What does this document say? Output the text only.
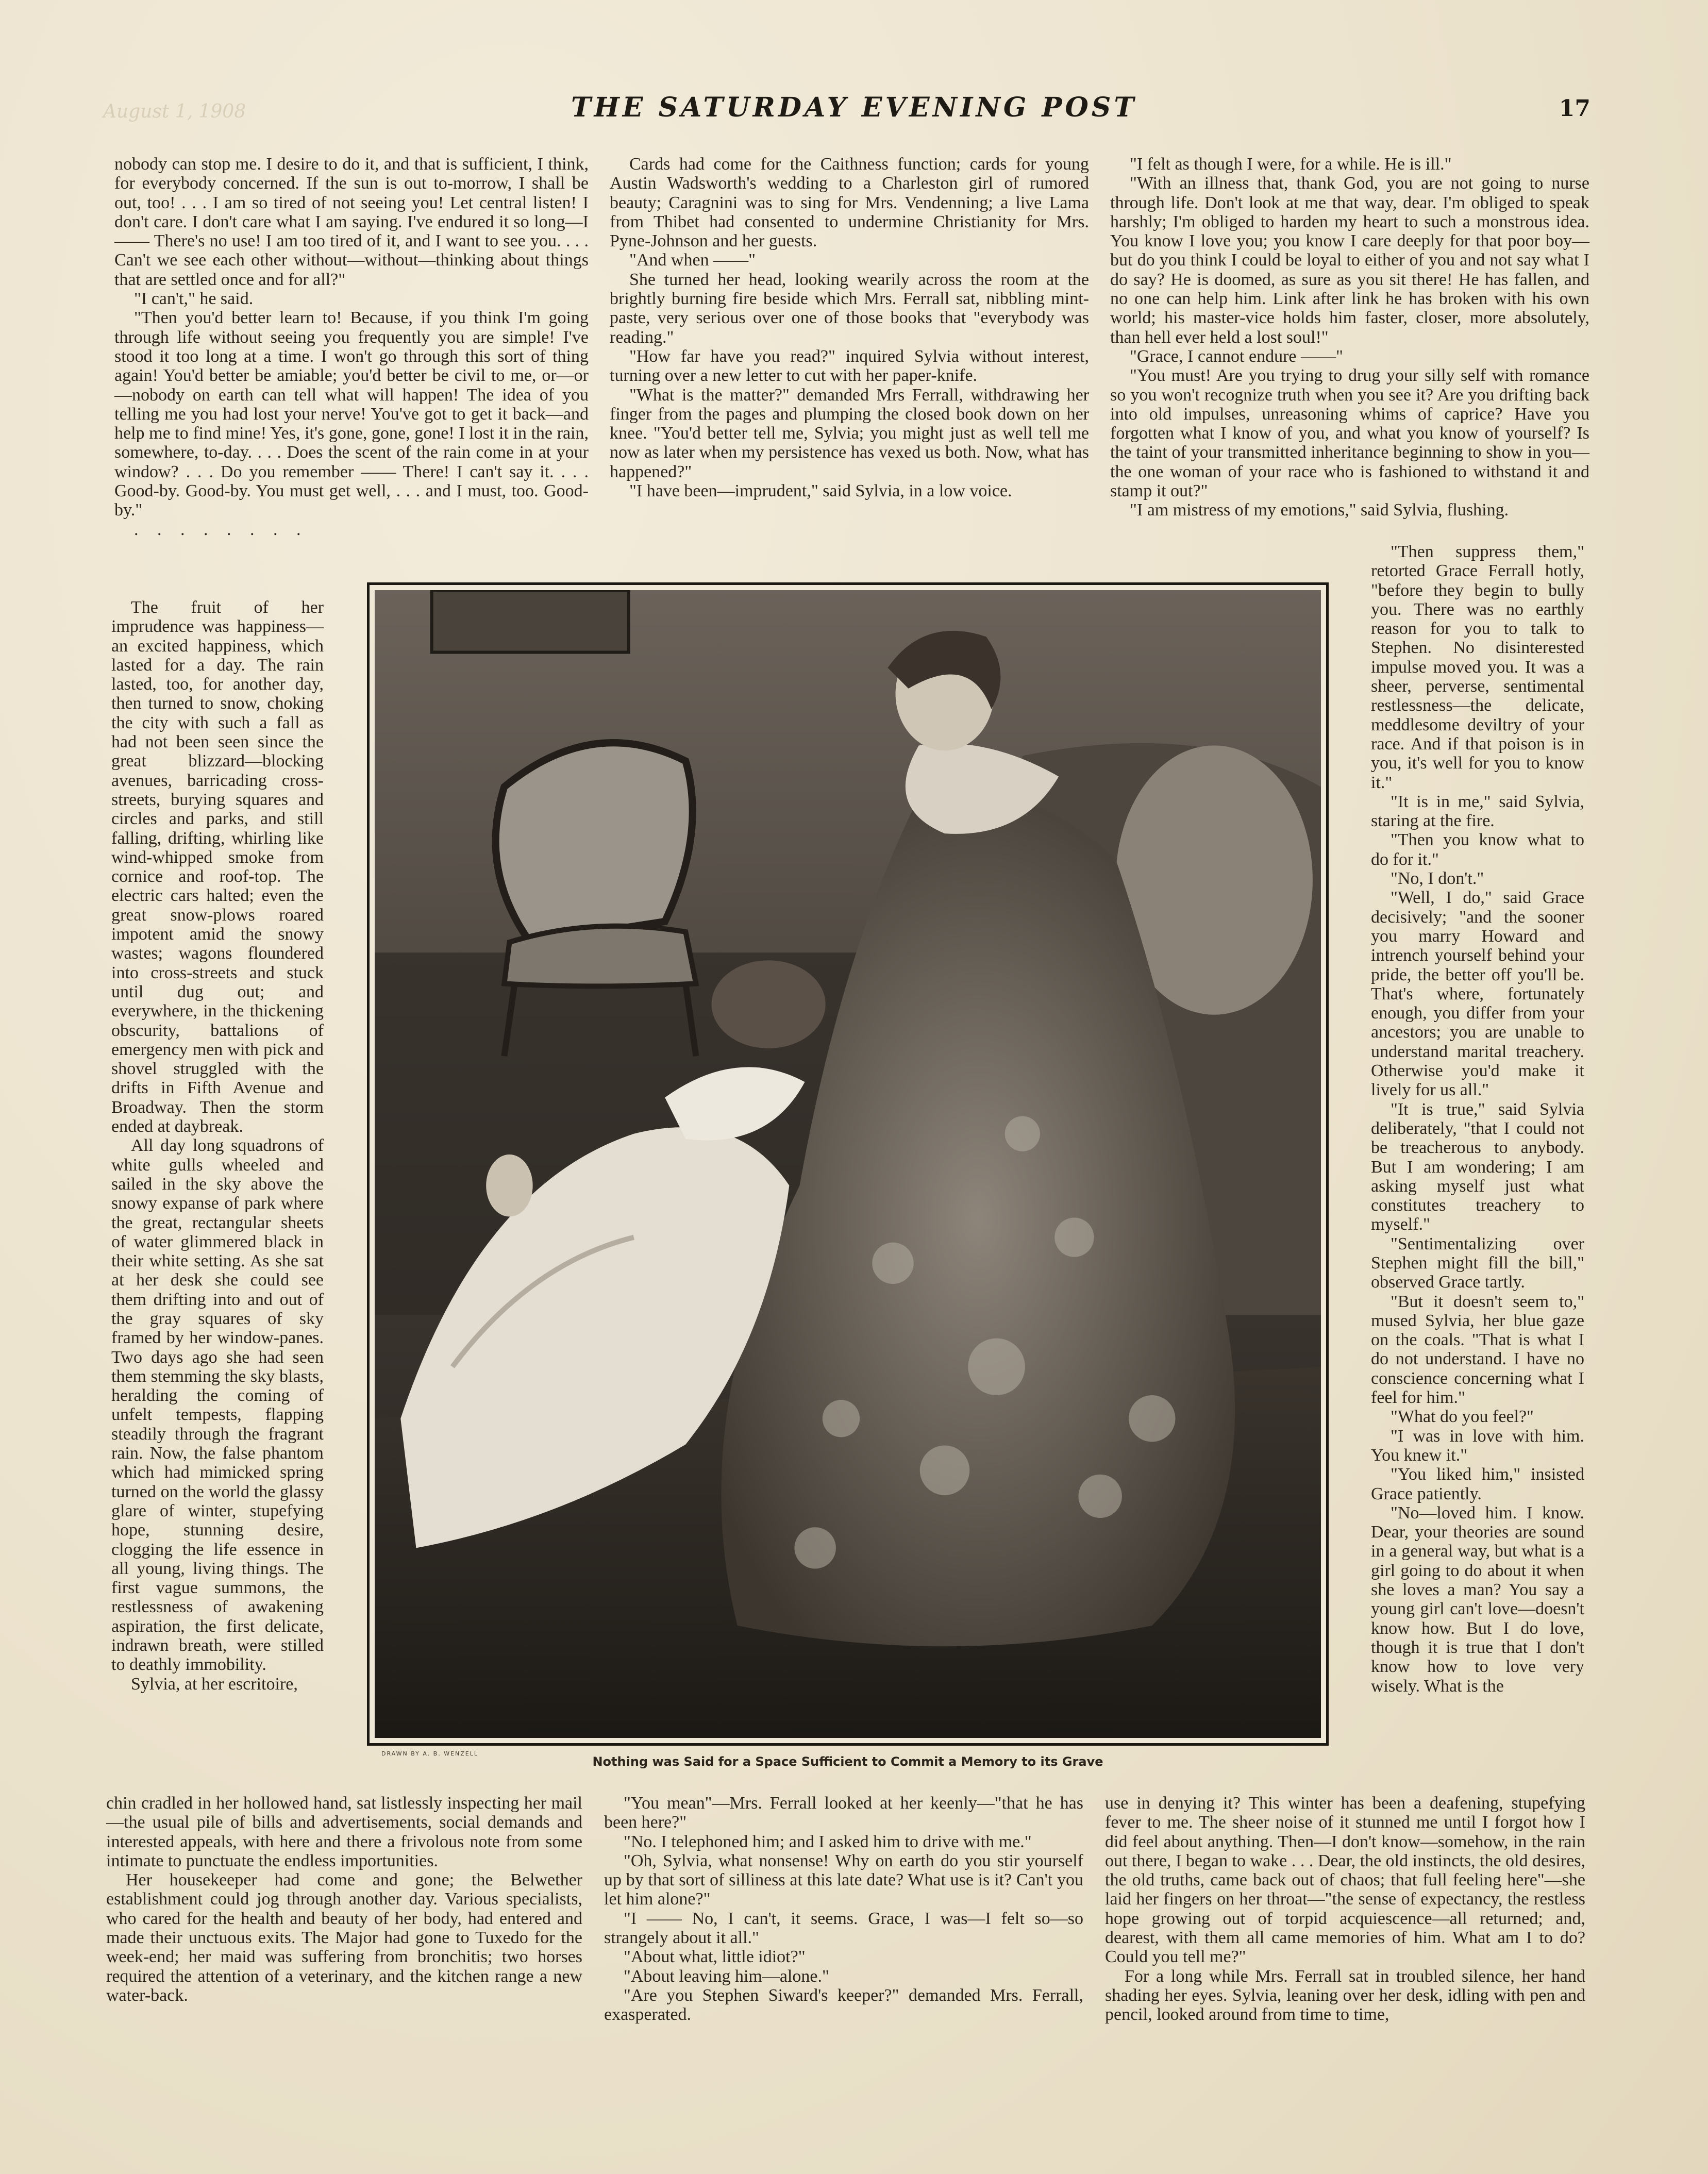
August 1, 1908	THE SATURDAY EVENING POST	17

nobody can stop me. I desire to do it, and that is sufficient, I think, for everybody concerned. If the sun is out to-morrow, I shall be out, too! . . . I am so tired of not seeing you! Let central listen! I don't care. I don't care what I am saying. I've endured it so long—I—— There's no use! I am too tired of it, and I want to see you. . . . Can't we see each other without—without—thinking about things that are settled once and for all?"

"I can't," he said.

"Then you'd better learn to! Because, if you think I'm going through life without seeing you frequently you are simple! I've stood it too long at a time. I won't go through this sort of thing again! You'd better be amiable; you'd better be civil to me, or—or—nobody on earth can tell what will happen! The idea of you telling me you had lost your nerve! You've got to get it back—and help me to find mine! Yes, it's gone, gone, gone! I lost it in the rain, somewhere, to-day. . . . Does the scent of the rain come in at your window? . . . Do you remember —— There! I can't say it. . . . Good-by. Good-by. You must get well, . . . and I must, too. Good-by."

. . . . . . . .

Cards had come for the Caithness function; cards for young Austin Wadsworth's wedding to a Charleston girl of rumored beauty; Caragnini was to sing for Mrs. Vendenning; a live Lama from Thibet had consented to undermine Christianity for Mrs. Pyne-Johnson and her guests.

"And when ——"

She turned her head, looking wearily across the room at the brightly burning fire beside which Mrs. Ferrall sat, nibbling mint-paste, very serious over one of those books that "everybody was reading."

"How far have you read?" inquired Sylvia without interest, turning over a new letter to cut with her paper-knife.

"What is the matter?" demanded Mrs Ferrall, withdrawing her finger from the pages and plumping the closed book down on her knee. "You'd better tell me, Sylvia; you might just as well tell me now as later when my persistence has vexed us both. Now, what has happened?"

"I have been—imprudent," said Sylvia, in a low voice.

"I felt as though I were, for a while. He is ill."

"With an illness that, thank God, you are not going to nurse through life. Don't look at me that way, dear. I'm obliged to speak harshly; I'm obliged to harden my heart to such a monstrous idea. You know I love you; you know I care deeply for that poor boy—but do you think I could be loyal to either of you and not say what I do say? He is doomed, as sure as you sit there! He has fallen, and no one can help him. Link after link he has broken with his own world; his master-vice holds him faster, closer, more absolutely, than hell ever held a lost soul!"

"Grace, I cannot endure ——"

"You must! Are you trying to drug your silly self with romance so you won't recognize truth when you see it? Are you drifting back into old impulses, unreasoning whims of caprice? Have you forgotten what I know of you, and what you know of yourself? Is the taint of your transmitted inheritance beginning to show in you—the one woman of your race who is fashioned to withstand it and stamp it out?"

"I am mistress of my emotions," said Sylvia, flushing.

The fruit of her imprudence was happiness—an excited happiness, which lasted for a day. The rain lasted, too, for another day, then turned to snow, choking the city with such a fall as had not been seen since the great blizzard—blocking avenues, barricading cross-streets, burying squares and circles and parks, and still falling, drifting, whirling like wind-whipped smoke from cornice and roof-top. The electric cars halted; even the great snow-plows roared impotent amid the snowy wastes; wagons floundered into cross-streets and stuck until dug out; and everywhere, in the thickening obscurity, battalions of emergency men with pick and shovel struggled with the drifts in Fifth Avenue and Broadway. Then the storm ended at daybreak.

All day long squadrons of white gulls wheeled and sailed in the sky above the snowy expanse of park where the great, rectangular sheets of water glimmered black in their white setting. As she sat at her desk she could see them drifting into and out of the gray squares of sky framed by her window-panes. Two days ago she had seen them stemming the sky blasts, heralding the coming of unfelt tempests, flapping steadily through the fragrant rain. Now, the false phantom which had mimicked spring turned on the world the glassy glare of winter, stupefying hope, stunning desire, clogging the life essence in all young, living things. The first vague summons, the restlessness of awakening aspiration, the first delicate, indrawn breath, were stilled to deathly immobility.

Sylvia, at her escritoire,

"Then suppress them," retorted Grace Ferrall hotly, "before they begin to bully you. There was no earthly reason for you to talk to Stephen. No disinterested impulse moved you. It was a sheer, perverse, sentimental restlessness—the delicate, meddlesome deviltry of your race. And if that poison is in you, it's well for you to know it."

"It is in me," said Sylvia, staring at the fire.

"Then you know what to do for it."

"No, I don't."

"Well, I do," said Grace decisively; "and the sooner you marry Howard and intrench yourself behind your pride, the better off you'll be. That's where, fortunately enough, you differ from your ancestors; you are unable to understand marital treachery. Otherwise you'd make it lively for us all."

"It is true," said Sylvia deliberately, "that I could not be treacherous to anybody. But I am wondering; I am asking myself just what constitutes treachery to myself."

"Sentimentalizing over Stephen might fill the bill," observed Grace tartly.

"But it doesn't seem to," mused Sylvia, her blue gaze on the coals. "That is what I do not understand. I have no conscience concerning what I feel for him."

"What do you feel?"

"I was in love with him. You knew it."

"You liked him," insisted Grace patiently.

"No—loved him. I know. Dear, your theories are sound in a general way, but what is a girl going to do about it when she loves a man? You say a young girl can't love—doesn't know how. But I do love, though it is true that I don't know how to love very wisely. What is the

DRAWN BY A. B. WENZELL
Nothing was Said for a Space Sufficient to Commit a Memory to its Grave

chin cradled in her hollowed hand, sat listlessly inspecting her mail—the usual pile of bills and advertisements, social demands and interested appeals, with here and there a frivolous note from some intimate to punctuate the endless importunities.

Her housekeeper had come and gone; the Belwether establishment could jog through another day. Various specialists, who cared for the health and beauty of her body, had entered and made their unctuous exits. The Major had gone to Tuxedo for the week-end; her maid was suffering from bronchitis; two horses required the attention of a veterinary, and the kitchen range a new water-back.

"You mean"—Mrs. Ferrall looked at her keenly—"that he has been here?"

"No. I telephoned him; and I asked him to drive with me."

"Oh, Sylvia, what nonsense! Why on earth do you stir yourself up by that sort of silliness at this late date? What use is it? Can't you let him alone?"

"I —— No, I can't, it seems. Grace, I was—I felt so—so strangely about it all."

"About what, little idiot?"

"About leaving him—alone."

"Are you Stephen Siward's keeper?" demanded Mrs. Ferrall, exasperated.

use in denying it? This winter has been a deafening, stupefying fever to me. The sheer noise of it stunned me until I forgot how I did feel about anything. Then—I don't know—somehow, in the rain out there, I began to wake . . . Dear, the old instincts, the old desires, the old truths, came back out of chaos; that full feeling here"—she laid her fingers on her throat—"the sense of expectancy, the restless hope growing out of torpid acquiescence—all returned; and, dearest, with them all came memories of him. What am I to do? Could you tell me?"

For a long while Mrs. Ferrall sat in troubled silence, her hand shading her eyes. Sylvia, leaning over her desk, idling with pen and pencil, looked around from time to time,
